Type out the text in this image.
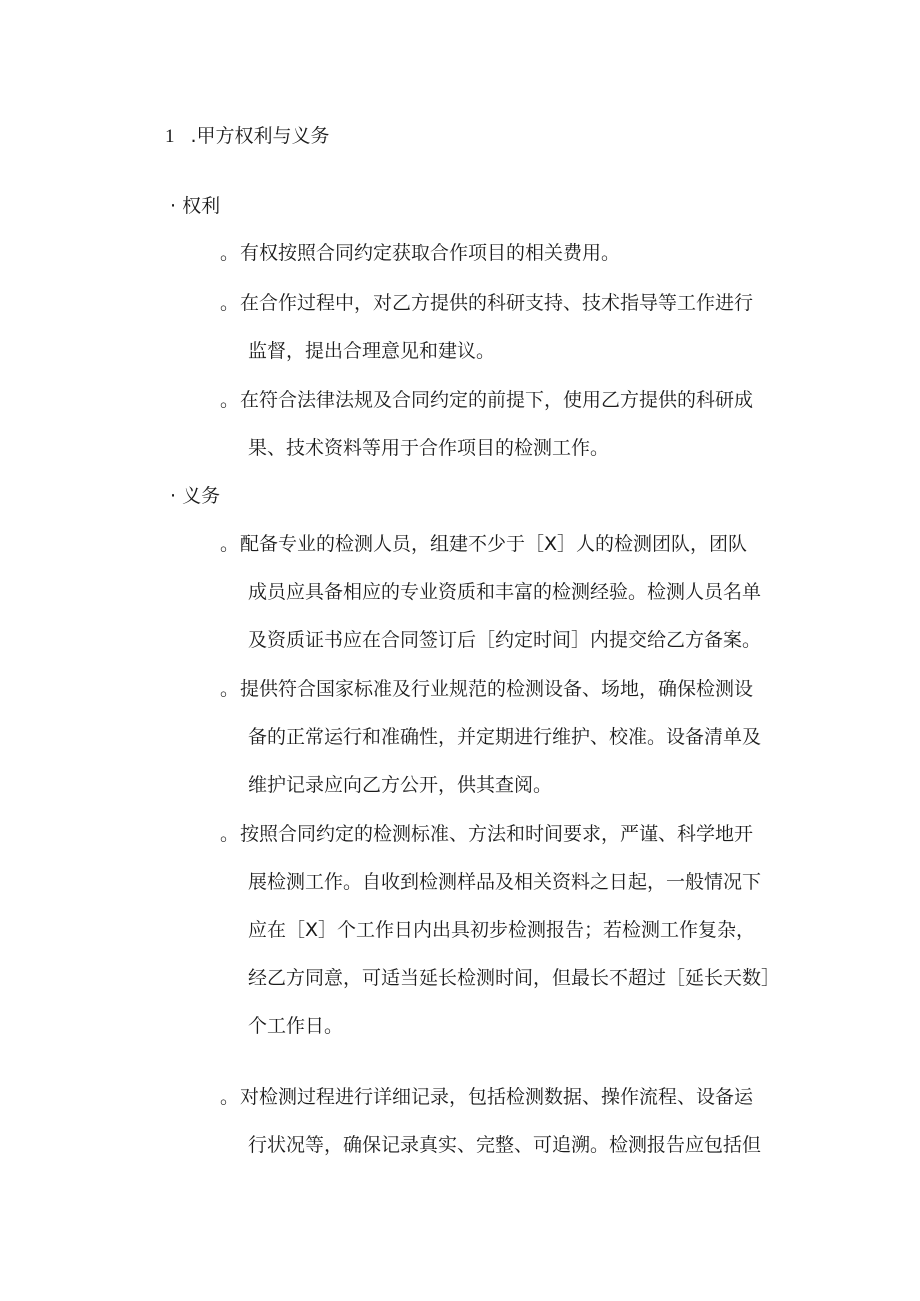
1 .甲方权利与义务
· 权利
。有权按照合同约定获取合作项目的相关费用。
。在合作过程中，对乙方提供的科研支持、技术指导等工作进行
监督，提出合理意见和建议。
。在符合法律法规及合同约定的前提下，使用乙方提供的科研成
果、技术资料等用于合作项目的检测工作。
· 义务
。配备专业的检测人员，组建不少于［X］人的检测团队，团队
成员应具备相应的专业资质和丰富的检测经验。检测人员名单
及资质证书应在合同签订后［约定时间］内提交给乙方备案。
。提供符合国家标准及行业规范的检测设备、场地，确保检测设
备的正常运行和准确性，并定期进行维护、校准。设备清单及
维护记录应向乙方公开，供其查阅。
。按照合同约定的检测标准、方法和时间要求，严谨、科学地开
展检测工作。自收到检测样品及相关资料之日起，一般情况下
应在［X］个工作日内出具初步检测报告；若检测工作复杂，
经乙方同意，可适当延长检测时间，但最长不超过［延长天数］
个工作日。
。对检测过程进行详细记录，包括检测数据、操作流程、设备运
行状况等，确保记录真实、完整、可追溯。检测报告应包括但
